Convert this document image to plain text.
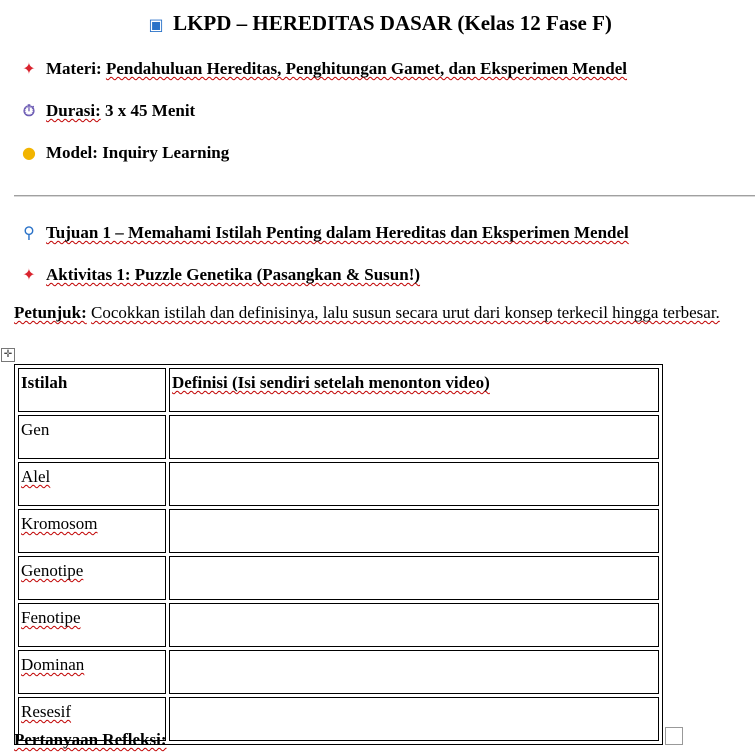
▣ LKPD – HEREDITAS DASAR (Kelas 12 Fase F)
✦ Materi: Pendahuluan Hereditas, Penghitungan Gamet, dan Eksperimen Mendel
⏱ Durasi: 3 x 45 Menit
● Model: Inquiry Learning
⚲ Tujuan 1 – Memahami Istilah Penting dalam Hereditas dan Eksperimen Mendel
✦ Aktivitas 1: Puzzle Genetika (Pasangkan & Susun!)
Petunjuk: Cocokkan istilah dan definisinya, lalu susun secara urut dari konsep terkecil hingga terbesar.
✛
Istilah	Definisi (Isi sendiri setelah menonton video)
Gen	
Alel	
Kromosom	
Genotipe	
Fenotipe	
Dominan	
Resesif	
Pertanyaan Refleksi:
